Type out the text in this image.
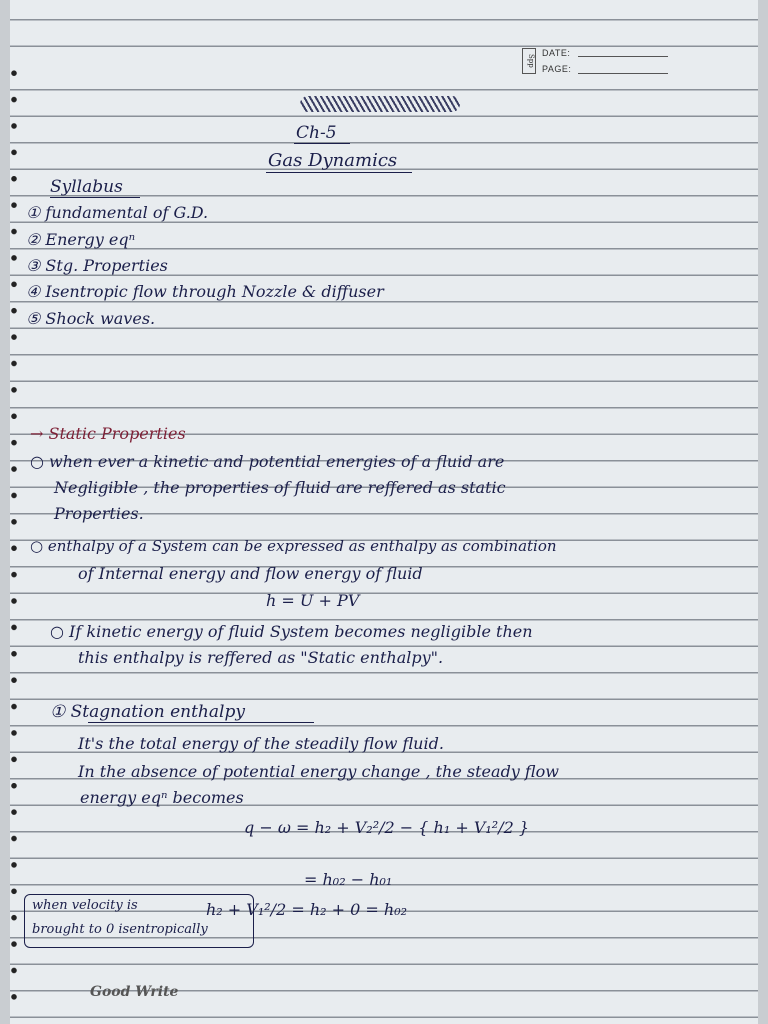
Spp
DATE:
PAGE:
Ch-5
Gas Dynamics
Syllabus
① fundamental of G.D.
② Energy eqⁿ
③ Stg. Properties
④ Isentropic flow through Nozzle & diffuser
⑤ Shock waves.
→ Static Properties
○ when ever a kinetic and potential energies of a fluid are
Negligible , the properties of fluid are reffered as static
Properties.
○ enthalpy of a System can be expressed as enthalpy as combination
of Internal energy and flow energy of fluid
h = U + PV
○ If kinetic energy of fluid System becomes negligible then
this enthalpy is reffered as "Static enthalpy".
① Stagnation enthalpy
It's the total energy of the steadily flow fluid.
In the absence of potential energy change , the steady flow
energy eqⁿ becomes
q − ω = h₂ + V₂²/2 − { h₁ + V₁²/2 }
= h₀₂ − h₀₁
when velocity is
brought to 0 isentropically
h₂ + V₁²/2 = h₂ + 0 = h₀₂
Good Write
